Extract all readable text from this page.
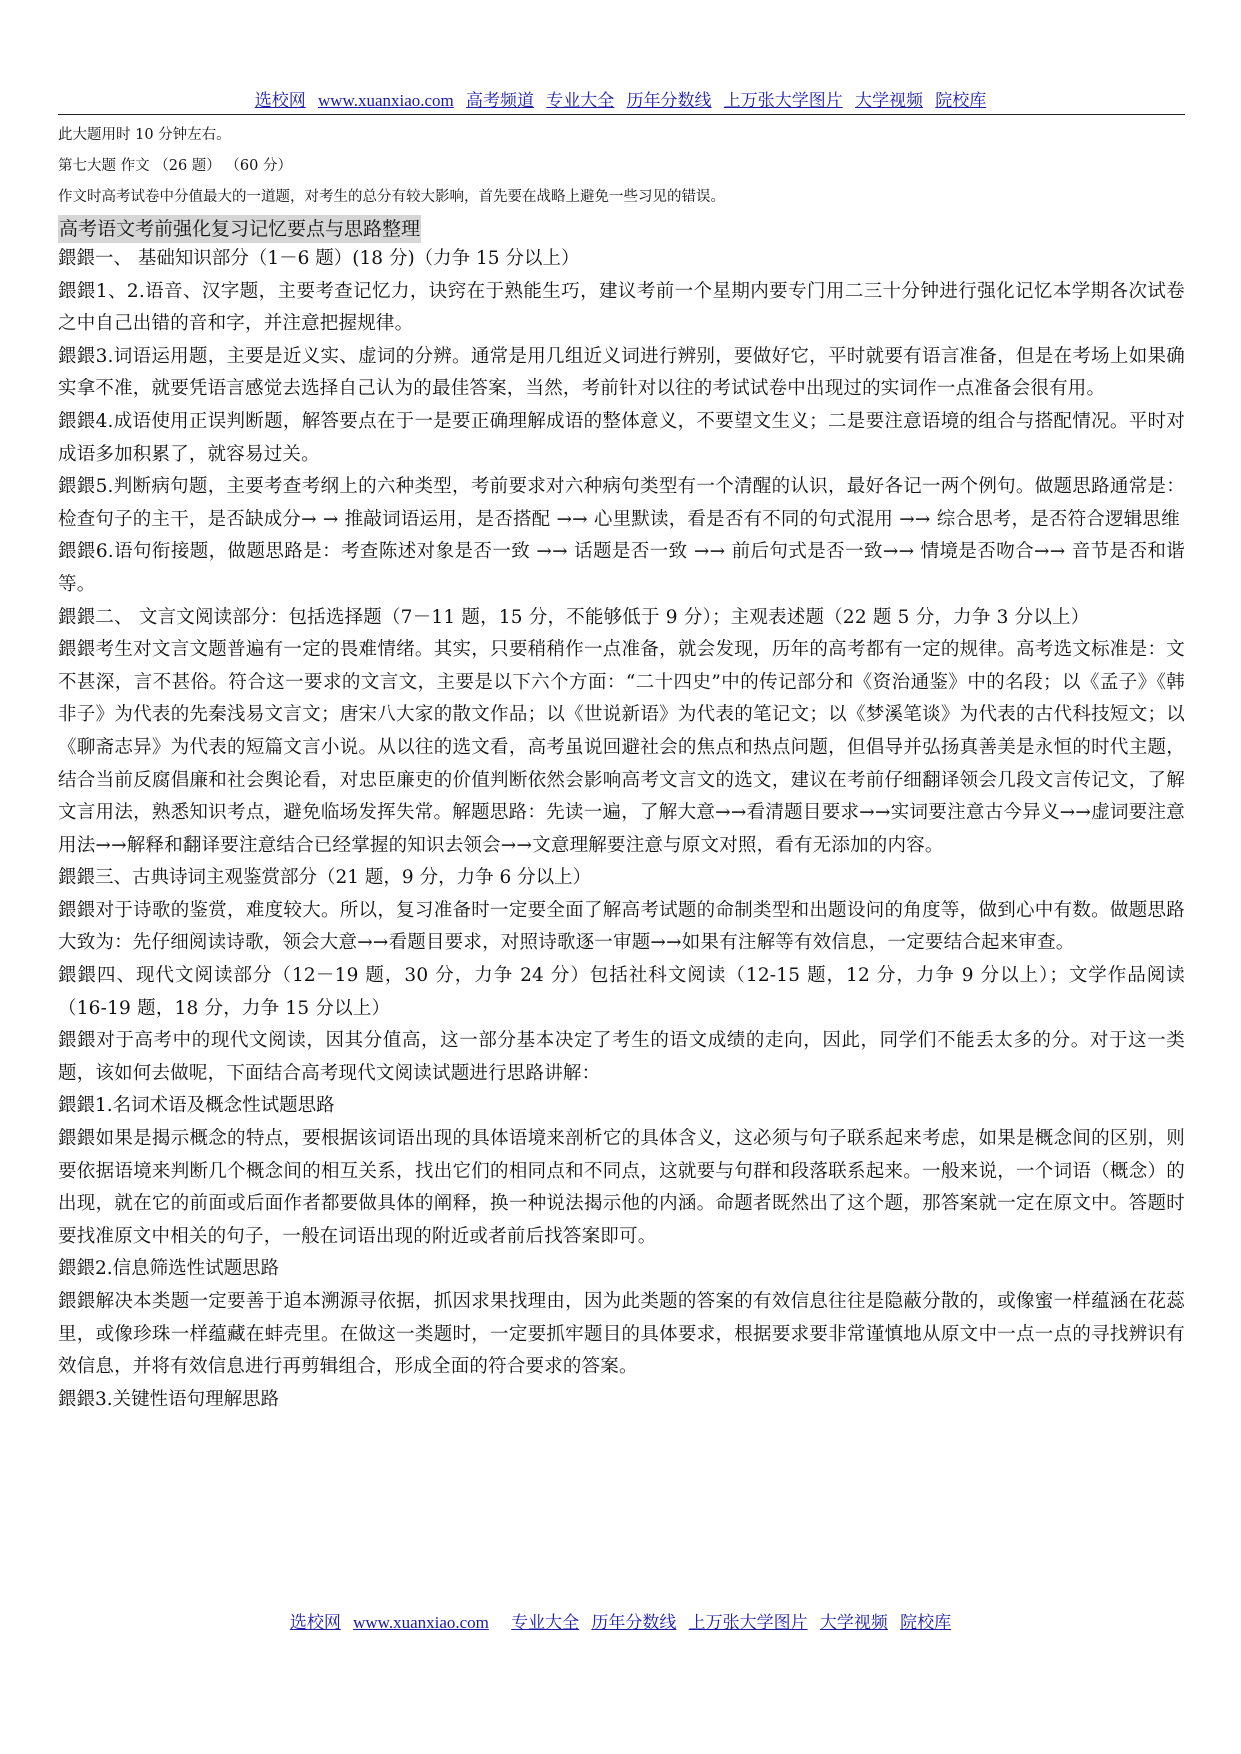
选校网 www.xuanxiao.com 高考频道 专业大全 历年分数线 上万张大学图片 大学视频 院校库
此大题用时 10 分钟左右。
第七大题 作文 （26 题） （60 分）
作文时高考试卷中分值最大的一道题，对考生的总分有较大影响，首先要在战略上避免一些习见的错误。
高考语文考前强化复习记忆要点与思路整理

鍡鍡一、 基础知识部分（1－6 题）(18 分)（力争 15 分以上）

鍡鍡1、2.语音、汉字题，主要考查记忆力，诀窍在于熟能生巧，建议考前一个星期内要专门用二三十分钟进行强化记忆本学期各次试卷之中自己出错的音和字，并注意把握规律。

鍡鍡3.词语运用题，主要是近义实、虚词的分辨。通常是用几组近义词进行辨别，要做好它，平时就要有语言准备，但是在考场上如果确实拿不准，就要凭语言感觉去选择自己认为的最佳答案，当然，考前针对以往的考试试卷中出现过的实词作一点准备会很有用。

鍡鍡4.成语使用正误判断题，解答要点在于一是要正确理解成语的整体意义，不要望文生义；二是要注意语境的组合与搭配情况。平时对成语多加积累了，就容易过关。

鍡鍡5.判断病句题，主要考查考纲上的六种类型，考前要求对六种病句类型有一个清醒的认识，最好各记一两个例句。做题思路通常是：检查句子的主干，是否缺成分→ → 推敲词语运用，是否搭配 →→ 心里默读，看是否有不同的句式混用 →→ 综合思考，是否符合逻辑思维

鍡鍡6.语句衔接题，做题思路是：考查陈述对象是否一致 →→ 话题是否一致 →→ 前后句式是否一致→→ 情境是否吻合→→ 音节是否和谐等。

鍡鍡二、 文言文阅读部分：包括选择题（7－11 题，15 分，不能够低于 9 分）；主观表述题（22 题 5 分，力争 3 分以上）

鍡鍡考生对文言文题普遍有一定的畏难情绪。其实，只要稍稍作一点准备，就会发现，历年的高考都有一定的规律。高考选文标准是：文不甚深，言不甚俗。符合这一要求的文言文，主要是以下六个方面：“二十四史”中的传记部分和《资治通鉴》中的名段；以《孟子》《韩非子》为代表的先秦浅易文言文；唐宋八大家的散文作品；以《世说新语》为代表的笔记文；以《梦溪笔谈》为代表的古代科技短文；以《聊斋志异》为代表的短篇文言小说。从以往的选文看，高考虽说回避社会的焦点和热点问题，但倡导并弘扬真善美是永恒的时代主题，结合当前反腐倡廉和社会舆论看，对忠臣廉吏的价值判断依然会影响高考文言文的选文，建议在考前仔细翻译领会几段文言传记文，了解文言用法，熟悉知识考点，避免临场发挥失常。解题思路：先读一遍，了解大意→→看清题目要求→→实词要注意古今异义→→虚词要注意用法→→解释和翻译要注意结合已经掌握的知识去领会→→文意理解要注意与原文对照，看有无添加的内容。

鍡鍡三、古典诗词主观鉴赏部分（21 题，9 分，力争 6 分以上）

鍡鍡对于诗歌的鉴赏，难度较大。所以，复习准备时一定要全面了解高考试题的命制类型和出题设问的角度等，做到心中有数。做题思路大致为：先仔细阅读诗歌，领会大意→→看题目要求，对照诗歌逐一审题→→如果有注解等有效信息，一定要结合起来审查。

鍡鍡四、现代文阅读部分（12－19 题，30 分，力争 24 分）包括社科文阅读（12-15 题，12 分，力争 9 分以上）；文学作品阅读（16-19 题，18 分，力争 15 分以上）

鍡鍡对于高考中的现代文阅读，因其分值高，这一部分基本决定了考生的语文成绩的走向，因此，同学们不能丢太多的分。对于这一类题，该如何去做呢，下面结合高考现代文阅读试题进行思路讲解：

鍡鍡1.名词术语及概念性试题思路

鍡鍡如果是揭示概念的特点，要根据该词语出现的具体语境来剖析它的具体含义，这必须与句子联系起来考虑，如果是概念间的区别，则要依据语境来判断几个概念间的相互关系，找出它们的相同点和不同点，这就要与句群和段落联系起来。一般来说，一个词语（概念）的出现，就在它的前面或后面作者都要做具体的阐释，换一种说法揭示他的内涵。命题者既然出了这个题，那答案就一定在原文中。答题时要找准原文中相关的句子，一般在词语出现的附近或者前后找答案即可。

鍡鍡2.信息筛选性试题思路

鍡鍡解决本类题一定要善于追本溯源寻依据，抓因求果找理由，因为此类题的答案的有效信息往往是隐蔽分散的，或像蜜一样蕴涵在花蕊里，或像珍珠一样蕴藏在蚌壳里。在做这一类题时，一定要抓牢题目的具体要求，根据要求要非常谨慎地从原文中一点一点的寻找辨识有效信息，并将有效信息进行再剪辑组合，形成全面的符合要求的答案。

鍡鍡3.关键性语句理解思路

选校网 www.xuanxiao.com 专业大全 历年分数线 上万张大学图片 大学视频 院校库
